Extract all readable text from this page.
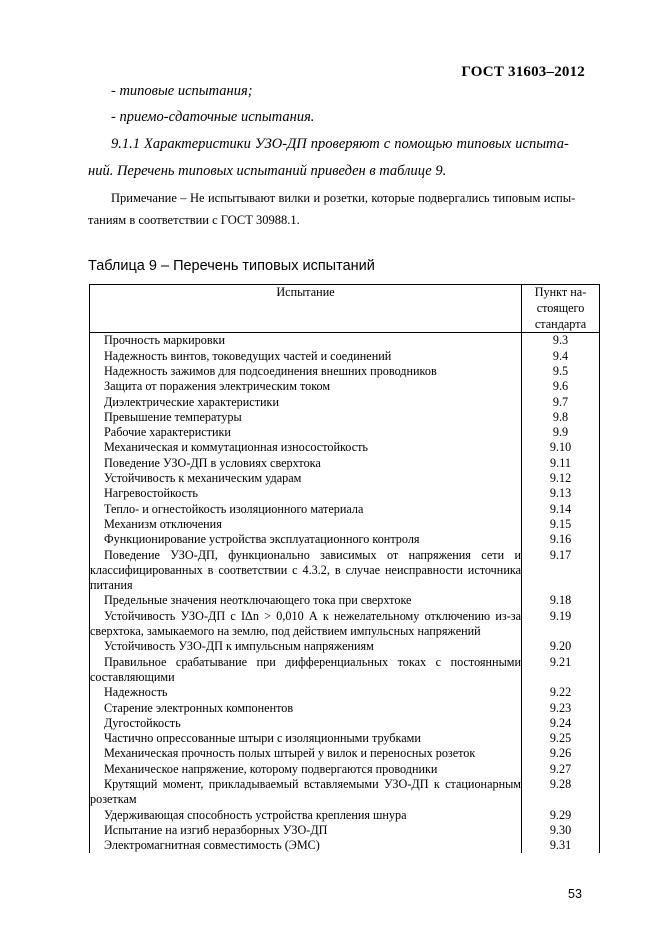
ГОСТ 31603–2012
- типовые испытания;
- приемо-сдаточные испытания.
9.1.1 Характеристики УЗО-ДП проверяют с помощью типовых испыта-
ний. Перечень типовых испытаний приведен в таблице 9.
Примечание – Не испытывают вилки и розетки, которые подвергались типовым испы-
таниям в соответствии с ГОСТ 30988.1.
Таблица 9 – Перечень типовых испытаний
Испытание	Пункт на-стоящего стандарта
Прочность маркировки	9.3
Надежность винтов, токоведущих частей и соединений	9.4
Надежность зажимов для подсоединения внешних проводников	9.5
Защита от поражения электрическим током	9.6
Диэлектрические характеристики	9.7
Превышение температуры	9.8
Рабочие характеристики	9.9
Механическая и коммутационная износостойкость	9.10
Поведение УЗО-ДП в условиях сверхтока	9.11
Устойчивость к механическим ударам	9.12
Нагревостойкость	9.13
Тепло- и огнестойкость изоляционного материала	9.14
Механизм отключения	9.15
Функционирование устройства эксплуатационного контроля	9.16
Поведение УЗО-ДП, функционально зависимых от напряжения сети и классифицированных в соответствии с 4.3.2, в случае неисправности источника питания	9.17
Предельные значения неотключающего тока при сверхтоке	9.18
Устойчивость УЗО-ДП с IΔn > 0,010 А к нежелательному отключению из-за сверхтока, замыкаемого на землю, под действием импульсных напряжений	9.19
Устойчивость УЗО-ДП к импульсным напряжениям	9.20
Правильное срабатывание при дифференциальных токах с постоянными составляющими	9.21
Надежность	9.22
Старение электронных компонентов	9.23
Дугостойкость	9.24
Частично опрессованные штыри с изоляционными трубками	9.25
Механическая прочность полых штырей у вилок и переносных розеток	9.26
Механическое напряжение, которому подвергаются проводники	9.27
Крутящий момент, прикладываемый вставляемыми УЗО-ДП к стационарным розеткам	9.28
Удерживающая способность устройства крепления шнура	9.29
Испытание на изгиб неразборных УЗО-ДП	9.30
Электромагнитная совместимость (ЭМС)	9.31
53
